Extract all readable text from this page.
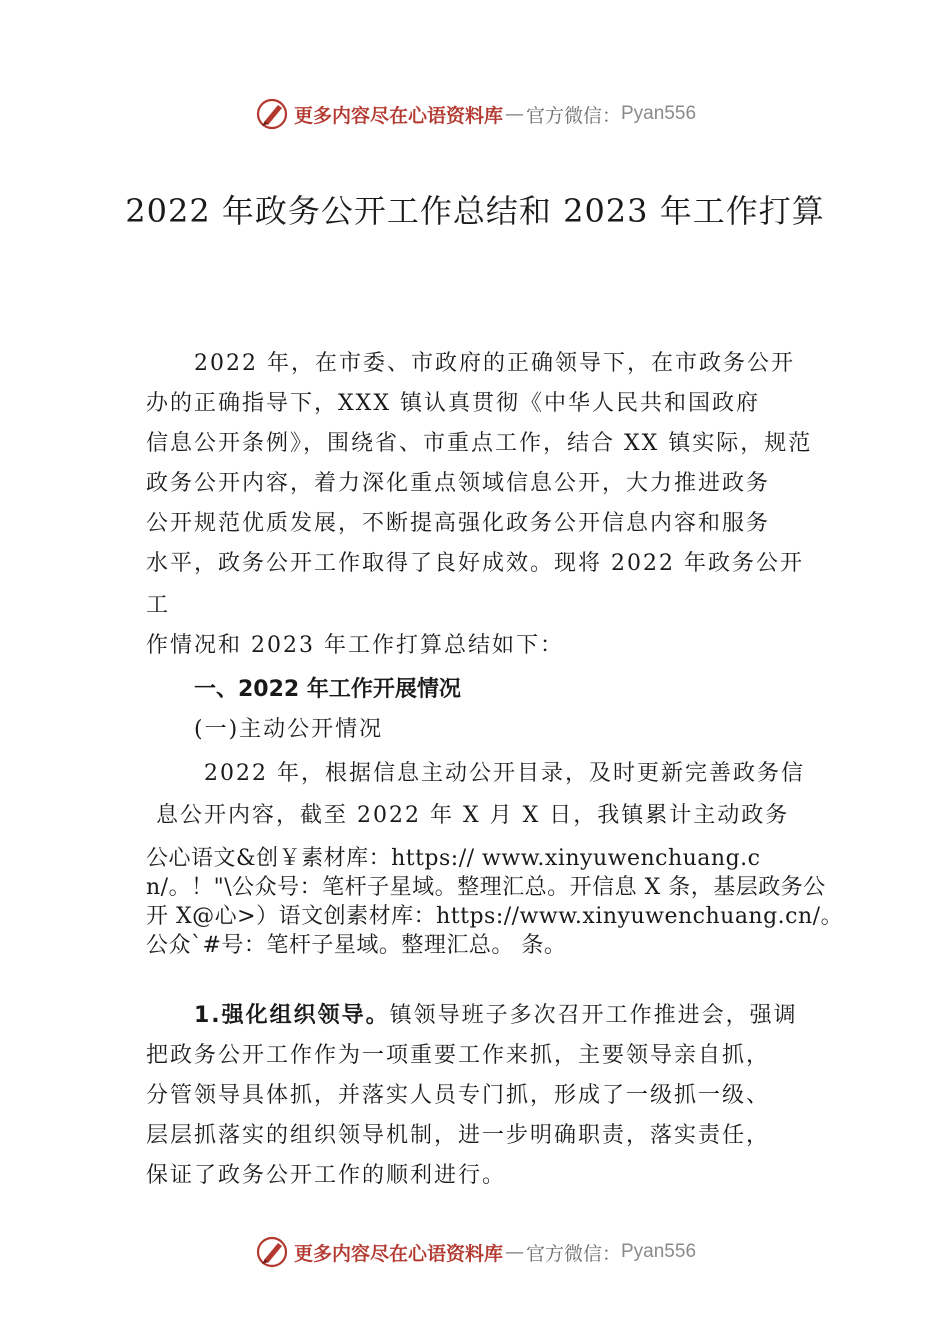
更多内容尽在心语资料库 — 官方微信： Pyan556
2022 年政务公开工作总结和 2023 年工作打算

2022 年，在市委、市政府的正确领导下，在市政务公开

办的正确指导下，XXX 镇认真贯彻《中华人民共和国政府

信息公开条例》，围绕省、市重点工作，结合 XX 镇实际，规范

政务公开内容，着力深化重点领域信息公开，大力推进政务

公开规范优质发展，不断提高强化政务公开信息内容和服务

水平，政务公开工作取得了良好成效。现将 2022 年政务公开

工

作情况和 2023 年工作打算总结如下：

一、2022 年工作开展情况
(一)主动公开情况

2022 年，根据信息主动公开目录，及时更新完善政务信

息公开内容，截至 2022 年 X 月 X 日，我镇累计主动政务

公心语文&创￥素材库：https:// www.xinyuwenchuang.cn/。！"\公众号：笔杆子星域。整理汇总。开信息 X 条，基层政务公开 X@心>）语文创素材库：https://www.xinyuwenchuang.cn/。公众`#号：笔杆子星域。整理汇总。 条。

1.强化组织领导。镇领导班子多次召开工作推进会，强调

把政务公开工作作为一项重要工作来抓，主要领导亲自抓，

分管领导具体抓，并落实人员专门抓，形成了一级抓一级、

层层抓落实的组织领导机制，进一步明确职责，落实责任，

保证了政务公开工作的顺利进行。

更多内容尽在心语资料库 — 官方微信： Pyan556
